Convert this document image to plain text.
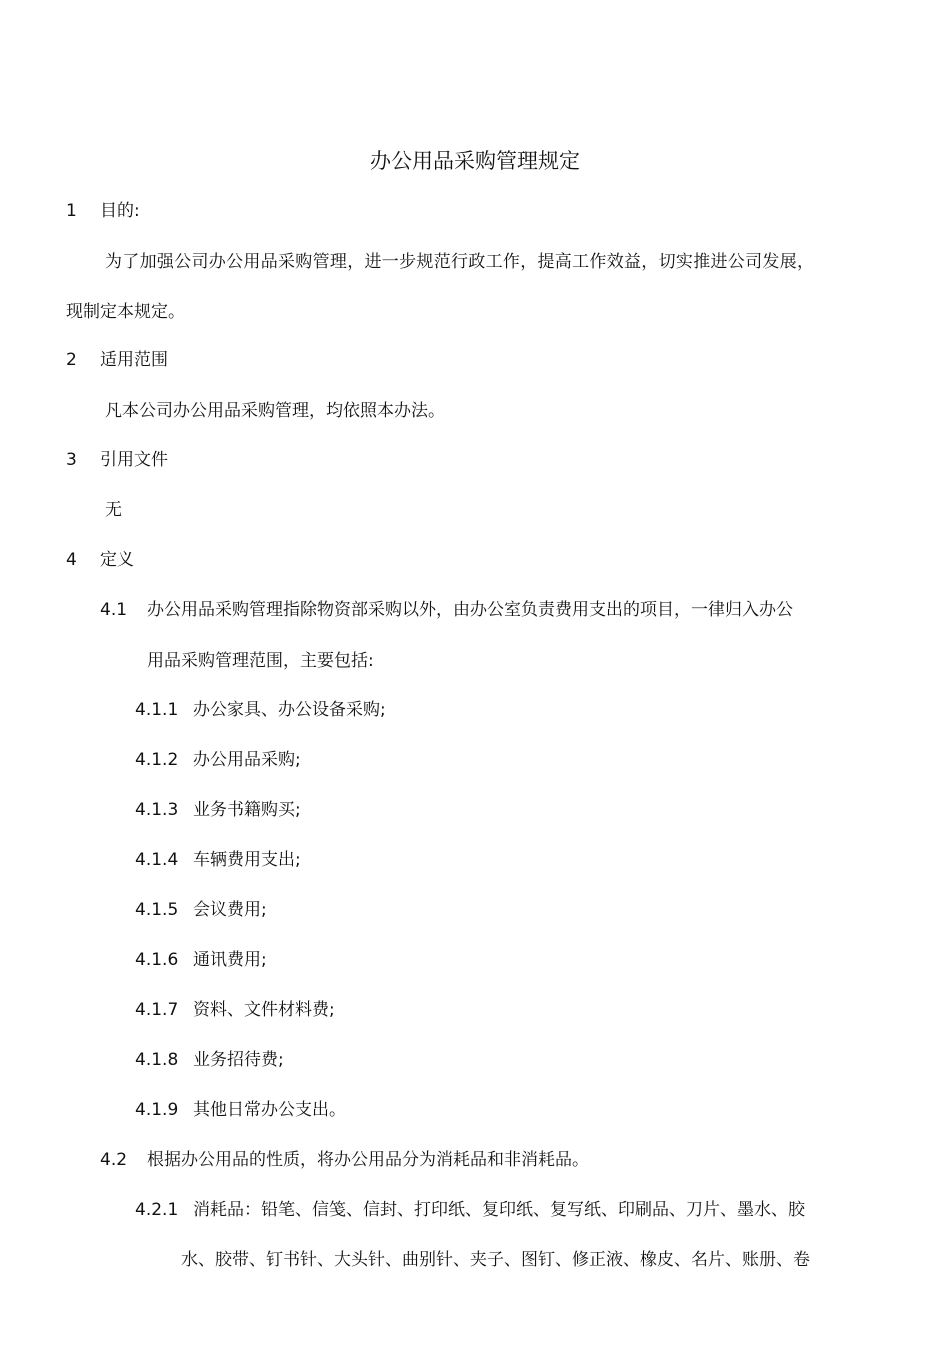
办公用品采购管理规定
1 目的:
为了加强公司办公用品采购管理，进一步规范行政工作，提高工作效益，切实推进公司发展，
现制定本规定。
2 适用范围
凡本公司办公用品采购管理，均依照本办法。
3 引用文件
无
4 定义
4.1 办公用品采购管理指除物资部采购以外，由办公室负责费用支出的项目，一律归入办公
用品采购管理范围，主要包括:
4.1.1 办公家具、办公设备采购;
4.1.2 办公用品采购;
4.1.3 业务书籍购买;
4.1.4 车辆费用支出;
4.1.5 会议费用;
4.1.6 通讯费用;
4.1.7 资料、文件材料费;
4.1.8 业务招待费;
4.1.9 其他日常办公支出。
4.2 根据办公用品的性质，将办公用品分为消耗品和非消耗品。
4.2.1 消耗品：铅笔、信笺、信封、打印纸、复印纸、复写纸、印刷品、刀片、墨水、胶
水、胶带、钉书针、大头针、曲别针、夹子、图钉、修正液、橡皮、名片、账册、卷
